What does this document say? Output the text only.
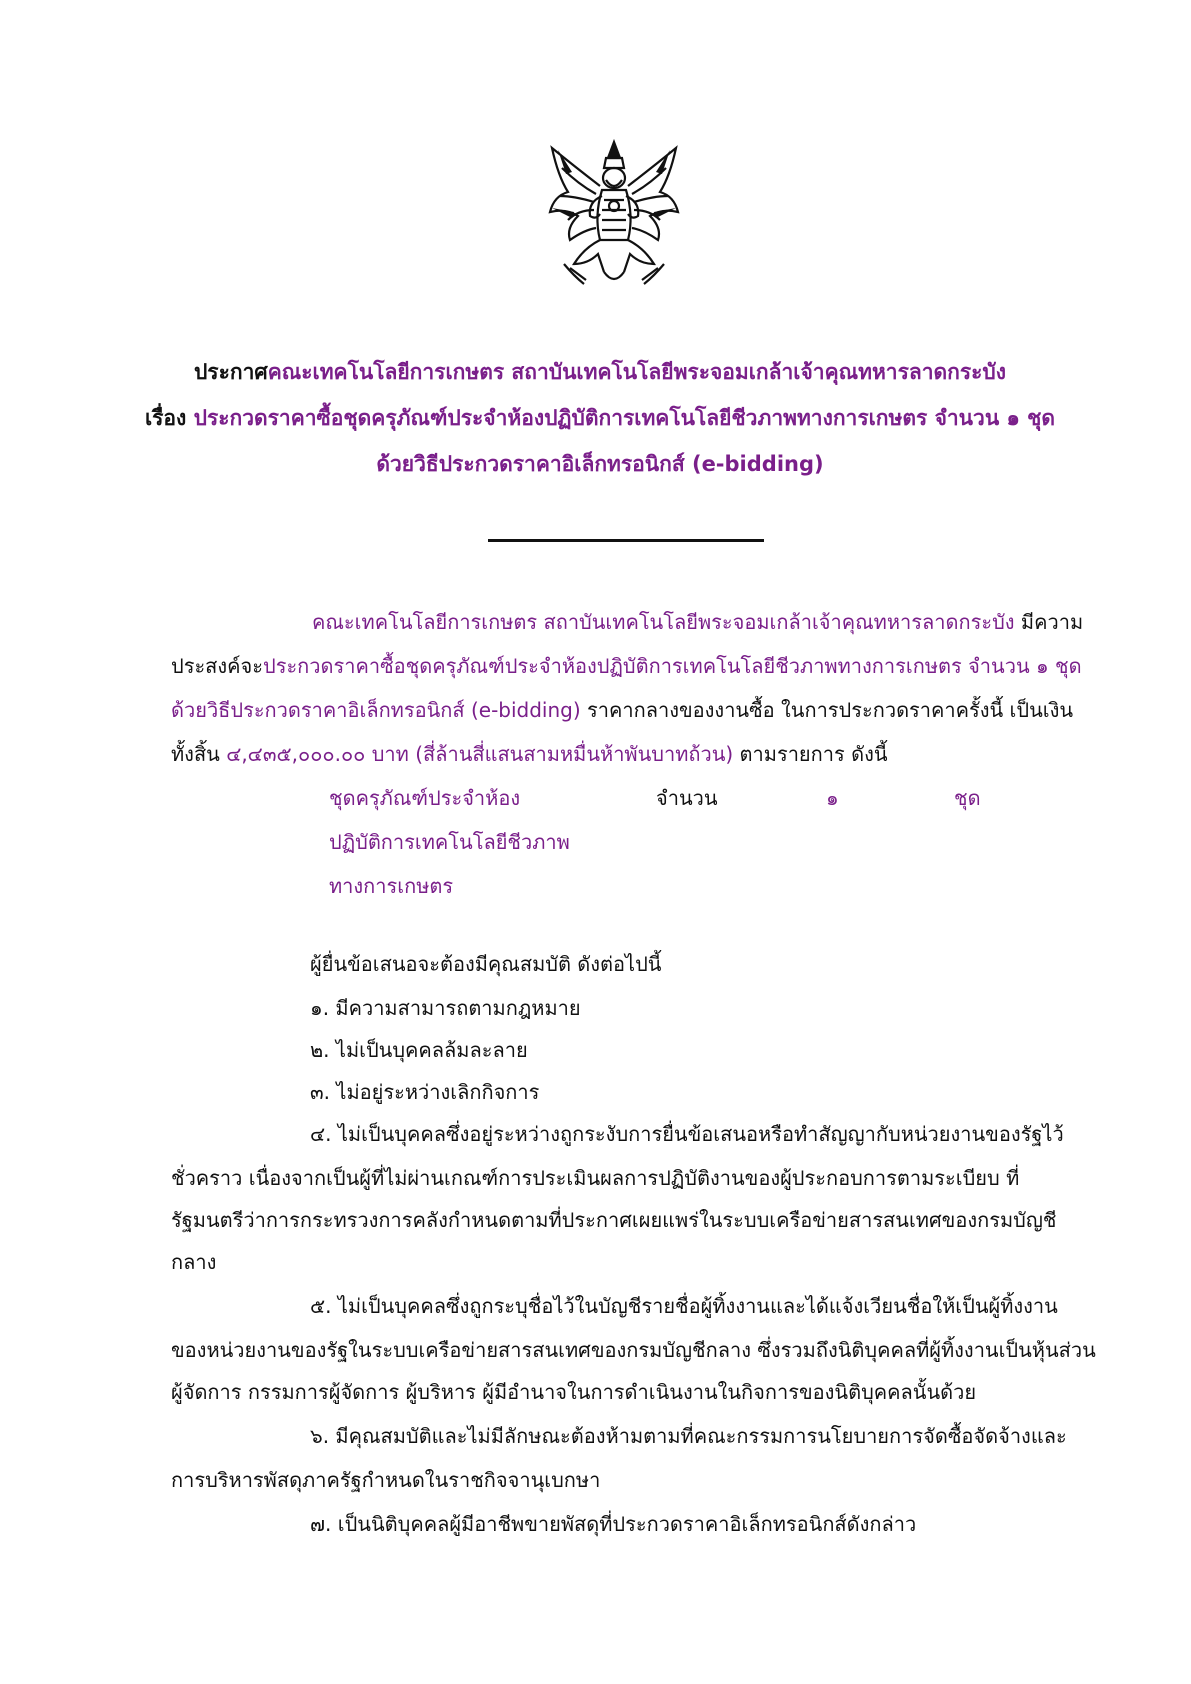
ประกาศคณะเทคโนโลยีการเกษตร สถาบันเทคโนโลยีพระจอมเกล้าเจ้าคุณทหารลาดกระบัง
เรื่อง ประกวดราคาซื้อชุดครุภัณฑ์ประจำห้องปฏิบัติการเทคโนโลยีชีวภาพทางการเกษตร จำนวน ๑ ชุด
ด้วยวิธีประกวดราคาอิเล็กทรอนิกส์ (e-bidding)
คณะเทคโนโลยีการเกษตร สถาบันเทคโนโลยีพระจอมเกล้าเจ้าคุณทหารลาดกระบัง มีความ
ประสงค์จะประกวดราคาซื้อชุดครุภัณฑ์ประจำห้องปฏิบัติการเทคโนโลยีชีวภาพทางการเกษตร จำนวน ๑ ชุด
ด้วยวิธีประกวดราคาอิเล็กทรอนิกส์ (e-bidding) ราคากลางของงานซื้อ ในการประกวดราคาครั้งนี้ เป็นเงิน
ทั้งสิ้น ๔,๔๓๕,๐๐๐.๐๐ บาท (สี่ล้านสี่แสนสามหมื่นห้าพันบาทถ้วน) ตามรายการ ดังนี้
ชุดครุภัณฑ์ประจำห้อง
ปฏิบัติการเทคโนโลยีชีวภาพ
ทางการเกษตร
จำนวน	๑	ชุด
ผู้ยื่นข้อเสนอจะต้องมีคุณสมบัติ ดังต่อไปนี้
๑. มีความสามารถตามกฎหมาย
๒. ไม่เป็นบุคคลล้มละลาย
๓. ไม่อยู่ระหว่างเลิกกิจการ
๔. ไม่เป็นบุคคลซึ่งอยู่ระหว่างถูกระงับการยื่นข้อเสนอหรือทำสัญญากับหน่วยงานของรัฐไว้
ชั่วคราว เนื่องจากเป็นผู้ที่ไม่ผ่านเกณฑ์การประเมินผลการปฏิบัติงานของผู้ประกอบการตามระเบียบ ที่
รัฐมนตรีว่าการกระทรวงการคลังกำหนดตามที่ประกาศเผยแพร่ในระบบเครือข่ายสารสนเทศของกรมบัญชี
กลาง
๕. ไม่เป็นบุคคลซึ่งถูกระบุชื่อไว้ในบัญชีรายชื่อผู้ทิ้งงานและได้แจ้งเวียนชื่อให้เป็นผู้ทิ้งงาน
ของหน่วยงานของรัฐในระบบเครือข่ายสารสนเทศของกรมบัญชีกลาง ซึ่งรวมถึงนิติบุคคลที่ผู้ทิ้งงานเป็นหุ้นส่วน
ผู้จัดการ กรรมการผู้จัดการ ผู้บริหาร ผู้มีอำนาจในการดำเนินงานในกิจการของนิติบุคคลนั้นด้วย
๖. มีคุณสมบัติและไม่มีลักษณะต้องห้ามตามที่คณะกรรมการนโยบายการจัดซื้อจัดจ้างและ
การบริหารพัสดุภาครัฐกำหนดในราชกิจจานุเบกษา
๗. เป็นนิติบุคคลผู้มีอาชีพขายพัสดุที่ประกวดราคาอิเล็กทรอนิกส์ดังกล่าว
